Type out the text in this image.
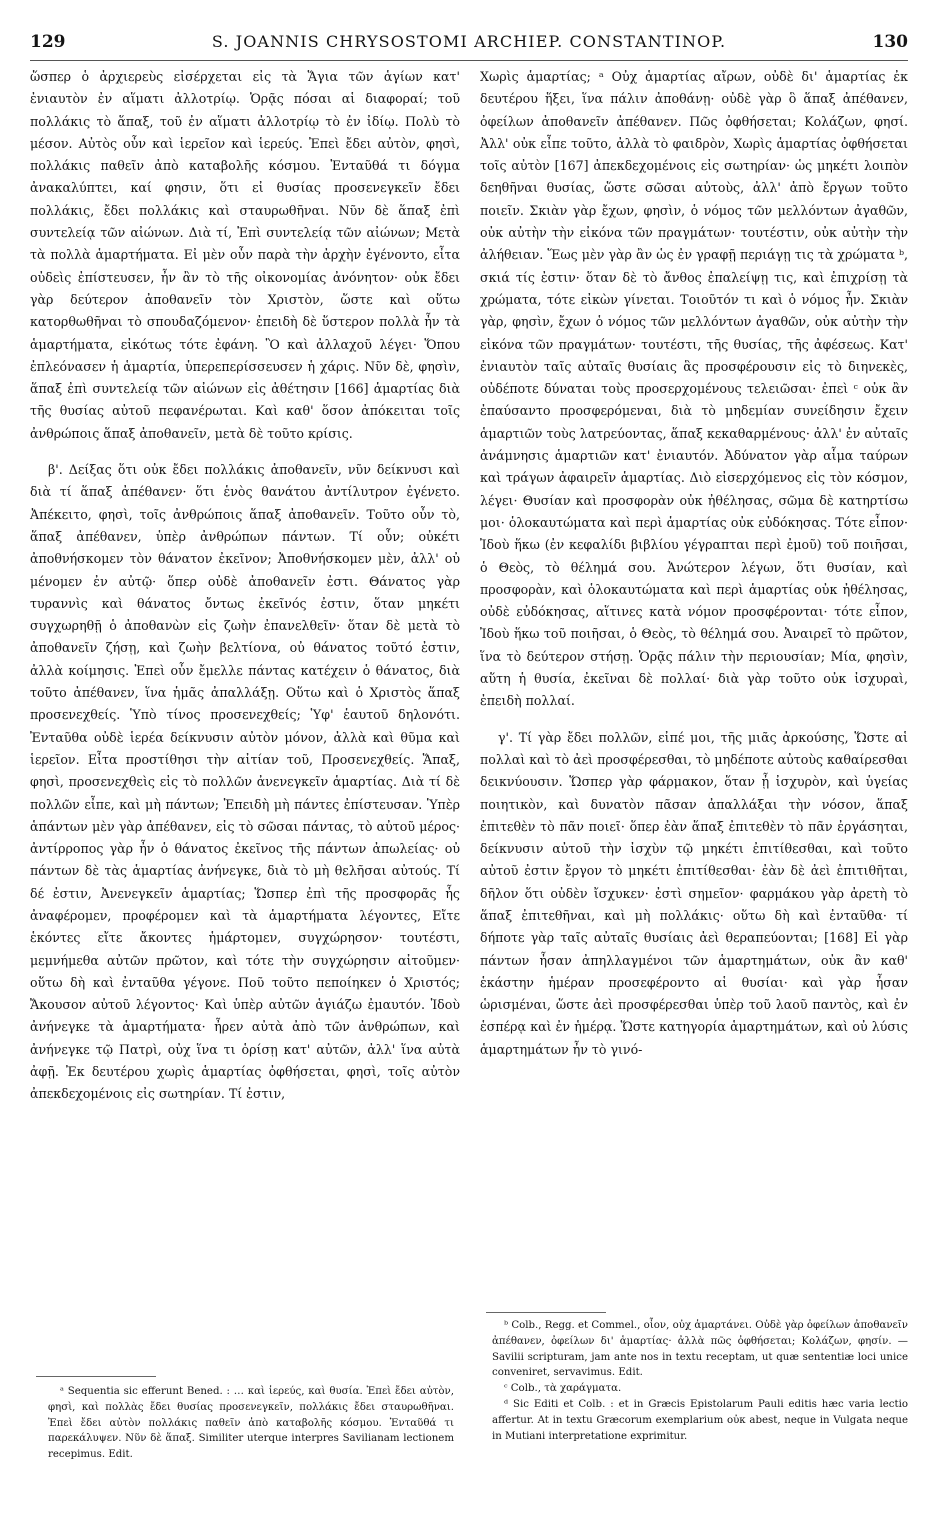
129	S. JOANNIS CHRYSOSTOMI ARCHIEP. CONSTANTINOP.	130

ὥσπερ ὁ ἀρχιερεὺς εἰσέρχεται εἰς τὰ Ἅγια τῶν ἁγίων κατ' ἐνιαυτὸν ἐν αἵματι ἀλλοτρίῳ. Ὁρᾷς πόσαι αἱ διαφοραί; τοῦ πολλάκις τὸ ἅπαξ, τοῦ ἐν αἵματι ἀλλοτρίῳ τὸ ἐν ἰδίῳ. Πολὺ τὸ μέσον. Αὐτὸς οὖν καὶ ἱερεῖον καὶ ἱερεύς. Ἐπεὶ ἔδει αὐτὸν, φησὶ, πολλάκις παθεῖν ἀπὸ καταβολῆς κόσμου. Ἐνταῦθά τι δόγμα ἀνακαλύπτει, καί φησιν, ὅτι εἰ θυσίας προσενεγκεῖν ἔδει πολλάκις, ἔδει πολλάκις καὶ σταυρωθῆναι. Νῦν δὲ ἅπαξ ἐπὶ συντελείᾳ τῶν αἰώνων. Διὰ τί, Ἐπὶ συντελείᾳ τῶν αἰώνων; Μετὰ τὰ πολλὰ ἁμαρτήματα. Εἰ μὲν οὖν παρὰ τὴν ἀρχὴν ἐγένοντο, εἶτα οὐδεὶς ἐπίστευσεν, ἦν ἂν τὸ τῆς οἰκονομίας ἀνόνητον· οὐκ ἔδει γὰρ δεύτερον ἀποθανεῖν τὸν Χριστὸν, ὥστε καὶ οὕτω κατορθωθῆναι τὸ σπουδαζόμενον· ἐπειδὴ δὲ ὕστερον πολλὰ ἦν τὰ ἁμαρτήματα, εἰκότως τότε ἐφάνη. Ὃ καὶ ἀλλαχοῦ λέγει· Ὅπου ἐπλεόνασεν ἡ ἁμαρτία, ὑπερεπερίσσευσεν ἡ χάρις. Νῦν δὲ, φησὶν, ἅπαξ ἐπὶ συντελείᾳ τῶν αἰώνων εἰς ἀθέτησιν [166] ἁμαρτίας διὰ τῆς θυσίας αὐτοῦ πεφανέρωται. Καὶ καθ' ὅσον ἀπόκειται τοῖς ἀνθρώποις ἅπαξ ἀποθανεῖν, μετὰ δὲ τοῦτο κρίσις.

β'. Δείξας ὅτι οὐκ ἔδει πολλάκις ἀποθανεῖν, νῦν δείκνυσι καὶ διὰ τί ἅπαξ ἀπέθανεν· ὅτι ἑνὸς θανάτου ἀντίλυτρον ἐγένετο. Ἀπέκειτο, φησὶ, τοῖς ἀνθρώποις ἅπαξ ἀποθανεῖν. Τοῦτο οὖν τὸ, ἅπαξ ἀπέθανεν, ὑπὲρ ἀνθρώπων πάντων. Τί οὖν; οὐκέτι ἀποθνήσκομεν τὸν θάνατον ἐκεῖνον; Ἀποθνήσκομεν μὲν, ἀλλ' οὐ μένομεν ἐν αὐτῷ· ὅπερ οὐδὲ ἀποθανεῖν ἐστι. Θάνατος γὰρ τυραννὶς καὶ θάνατος ὄντως ἐκεῖνός ἐστιν, ὅταν μηκέτι συγχωρηθῇ ὁ ἀποθανὼν εἰς ζωὴν ἐπανελθεῖν· ὅταν δὲ μετὰ τὸ ἀποθανεῖν ζήσῃ, καὶ ζωὴν βελτίονα, οὐ θάνατος τοῦτό ἐστιν, ἀλλὰ κοίμησις. Ἐπεὶ οὖν ἔμελλε πάντας κατέχειν ὁ θάνατος, διὰ τοῦτο ἀπέθανεν, ἵνα ἡμᾶς ἀπαλλάξῃ. Οὕτω καὶ ὁ Χριστὸς ἅπαξ προσενεχθείς. Ὑπὸ τίνος προσενεχθείς; Ὑφ' ἑαυτοῦ δηλονότι. Ἐνταῦθα οὐδὲ ἱερέα δείκνυσιν αὐτὸν μόνον, ἀλλὰ καὶ θῦμα καὶ ἱερεῖον. Εἶτα προστίθησι τὴν αἰτίαν τοῦ, Προσενεχθείς. Ἅπαξ, φησὶ, προσενεχθεὶς εἰς τὸ πολλῶν ἀνενεγκεῖν ἁμαρτίας. Διὰ τί δὲ πολλῶν εἶπε, καὶ μὴ πάντων; Ἐπειδὴ μὴ πάντες ἐπίστευσαν. Ὑπὲρ ἁπάντων μὲν γὰρ ἀπέθανεν, εἰς τὸ σῶσαι πάντας, τὸ αὐτοῦ μέρος· ἀντίρροπος γὰρ ἦν ὁ θάνατος ἐκεῖνος τῆς πάντων ἀπωλείας· οὐ πάντων δὲ τὰς ἁμαρτίας ἀνήνεγκε, διὰ τὸ μὴ θελῆσαι αὐτούς. Τί δέ ἐστιν, Ἀνενεγκεῖν ἁμαρτίας; Ὥσπερ ἐπὶ τῆς προσφορᾶς ἧς ἀναφέρομεν, προφέρομεν καὶ τὰ ἁμαρτήματα λέγοντες, Εἴτε ἑκόντες εἴτε ἄκοντες ἡμάρτομεν, συγχώρησον· τουτέστι, μεμνήμεθα αὐτῶν πρῶτον, καὶ τότε τὴν συγχώρησιν αἰτοῦμεν· οὕτω δὴ καὶ ἐνταῦθα γέγονε. Ποῦ τοῦτο πεποίηκεν ὁ Χριστός; Ἄκουσον αὐτοῦ λέγοντος· Καὶ ὑπὲρ αὐτῶν ἁγιάζω ἐμαυτόν. Ἰδοὺ ἀνήνεγκε τὰ ἁμαρτήματα· ἦρεν αὐτὰ ἀπὸ τῶν ἀνθρώπων, καὶ ἀνήνεγκε τῷ Πατρὶ, οὐχ ἵνα τι ὁρίσῃ κατ' αὐτῶν, ἀλλ' ἵνα αὐτὰ ἀφῇ. Ἐκ δευτέρου χωρὶς ἁμαρτίας ὀφθήσεται, φησὶ, τοῖς αὐτὸν ἀπεκδεχομένοις εἰς σωτηρίαν. Τί ἐστιν,

Χωρὶς ἁμαρτίας; ᵃ Οὐχ ἁμαρτίας αἴρων, οὐδὲ δι' ἁμαρτίας ἐκ δευτέρου ἥξει, ἵνα πάλιν ἀποθάνῃ· οὐδὲ γὰρ ὃ ἅπαξ ἀπέθανεν, ὀφείλων ἀποθανεῖν ἀπέθανεν. Πῶς ὀφθήσεται; Κολάζων, φησί. Ἀλλ' οὐκ εἶπε τοῦτο, ἀλλὰ τὸ φαιδρὸν, Χωρὶς ἁμαρτίας ὀφθήσεται τοῖς αὐτὸν [167] ἀπεκδεχομένοις εἰς σωτηρίαν· ὡς μηκέτι λοιπὸν δεηθῆναι θυσίας, ὥστε σῶσαι αὐτοὺς, ἀλλ' ἀπὸ ἔργων τοῦτο ποιεῖν. Σκιὰν γὰρ ἔχων, φησὶν, ὁ νόμος τῶν μελλόντων ἀγαθῶν, οὐκ αὐτὴν τὴν εἰκόνα τῶν πραγμάτων· τουτέστιν, οὐκ αὐτὴν τὴν ἀλήθειαν. Ἕως μὲν γὰρ ἂν ὡς ἐν γραφῇ περιάγῃ τις τὰ χρώματα ᵇ, σκιά τίς ἐστιν· ὅταν δὲ τὸ ἄνθος ἐπαλείψῃ τις, καὶ ἐπιχρίσῃ τὰ χρώματα, τότε εἰκὼν γίνεται. Τοιοῦτόν τι καὶ ὁ νόμος ἦν. Σκιὰν γὰρ, φησὶν, ἔχων ὁ νόμος τῶν μελλόντων ἀγαθῶν, οὐκ αὐτὴν τὴν εἰκόνα τῶν πραγμάτων· τουτέστι, τῆς θυσίας, τῆς ἀφέσεως. Κατ' ἐνιαυτὸν ταῖς αὐταῖς θυσίαις ἃς προσφέρουσιν εἰς τὸ διηνεκὲς, οὐδέποτε δύναται τοὺς προσερχομένους τελειῶσαι· ἐπεὶ ᶜ οὐκ ἂν ἐπαύσαντο προσφερόμεναι, διὰ τὸ μηδεμίαν συνείδησιν ἔχειν ἁμαρτιῶν τοὺς λατρεύοντας, ἅπαξ κεκαθαρμένους· ἀλλ' ἐν αὐταῖς ἀνάμνησις ἁμαρτιῶν κατ' ἐνιαυτόν. Ἀδύνατον γὰρ αἷμα ταύρων καὶ τράγων ἀφαιρεῖν ἁμαρτίας. Διὸ εἰσερχόμενος εἰς τὸν κόσμον, λέγει· Θυσίαν καὶ προσφορὰν οὐκ ἠθέλησας, σῶμα δὲ κατηρτίσω μοι· ὁλοκαυτώματα καὶ περὶ ἁμαρτίας οὐκ εὐδόκησας. Τότε εἶπον· Ἰδοὺ ἥκω (ἐν κεφαλίδι βιβλίου γέγραπται περὶ ἐμοῦ) τοῦ ποιῆσαι, ὁ Θεὸς, τὸ θέλημά σου. Ἀνώτερον λέγων, ὅτι θυσίαν, καὶ προσφορὰν, καὶ ὁλοκαυτώματα καὶ περὶ ἁμαρτίας οὐκ ἠθέλησας, οὐδὲ εὐδόκησας, αἵτινες κατὰ νόμον προσφέρονται· τότε εἶπον, Ἰδοὺ ἥκω τοῦ ποιῆσαι, ὁ Θεὸς, τὸ θέλημά σου. Ἀναιρεῖ τὸ πρῶτον, ἵνα τὸ δεύτερον στήσῃ. Ὁρᾷς πάλιν τὴν περιουσίαν; Μία, φησὶν, αὕτη ἡ θυσία, ἐκεῖναι δὲ πολλαί· διὰ γὰρ τοῦτο οὐκ ἰσχυραὶ, ἐπειδὴ πολλαί.

γ'. Τί γὰρ ἔδει πολλῶν, εἰπέ μοι, τῆς μιᾶς ἀρκούσης, Ὥστε αἱ πολλαὶ καὶ τὸ ἀεὶ προσφέρεσθαι, τὸ μηδέποτε αὐτοὺς καθαίρεσθαι δεικνύουσιν. Ὥσπερ γὰρ φάρμακον, ὅταν ᾖ ἰσχυρὸν, καὶ ὑγείας ποιητικὸν, καὶ δυνατὸν πᾶσαν ἀπαλλάξαι τὴν νόσον, ἅπαξ ἐπιτεθὲν τὸ πᾶν ποιεῖ· ὅπερ ἐὰν ἅπαξ ἐπιτεθὲν τὸ πᾶν ἐργάσηται, δείκνυσιν αὐτοῦ τὴν ἰσχὺν τῷ μηκέτι ἐπιτίθεσθαι, καὶ τοῦτο αὐτοῦ ἐστιν ἔργον τὸ μηκέτι ἐπιτίθεσθαι· ἐὰν δὲ ἀεὶ ἐπιτιθῆται, δῆλον ὅτι οὐδὲν ἴσχυκεν· ἐστὶ σημεῖον· φαρμάκου γὰρ ἀρετὴ τὸ ἅπαξ ἐπιτεθῆναι, καὶ μὴ πολλάκις· οὕτω δὴ καὶ ἐνταῦθα· τί δήποτε γὰρ ταῖς αὐταῖς θυσίαις ἀεὶ θεραπεύονται; [168] Εἰ γὰρ πάντων ἦσαν ἀπηλλαγμένοι τῶν ἁμαρτημάτων, οὐκ ἂν καθ' ἑκάστην ἡμέραν προσεφέροντο αἱ θυσίαι· καὶ γὰρ ἦσαν ὡρισμέναι, ὥστε ἀεὶ προσφέρεσθαι ὑπὲρ τοῦ λαοῦ παντὸς, καὶ ἐν ἑσπέρᾳ καὶ ἐν ἡμέρᾳ. Ὥστε κατηγορία ἁμαρτημάτων, καὶ οὐ λύσις ἁμαρτημάτων ἦν τὸ γινό-

ᵃ Sequentia sic efferunt Bened. : … καὶ ἱερεύς, καὶ θυσία. Ἐπεὶ ἔδει αὐτὸν, φησὶ, καὶ πολλὰς ἔδει θυσίας προσενεγκεῖν, πολλάκις ἔδει σταυρωθῆναι. Ἐπεὶ ἔδει αὐτὸν πολλάκις παθεῖν ἀπὸ καταβολῆς κόσμου. Ἐνταῦθά τι παρεκάλυψεν. Νῦν δὲ ἅπαξ. Similiter uterque interpres Savilianam lectionem recepimus. Edit.

ᵇ Colb., Regg. et Commel., οἷον, οὐχ ἁμαρτάνει. Οὐδὲ γὰρ ὀφείλων ἀποθανεῖν ἀπέθανεν, ὀφείλων δι' ἁμαρτίας· ἀλλὰ πῶς ὀφθήσεται; Κολάζων, φησίν. — Savilii scripturam, jam ante nos in textu receptam, ut quæ sententiæ loci unice conveniret, servavimus. Edit.

ᶜ Colb., τὰ χαράγματα.

ᵈ Sic Editi et Colb. : et in Græcis Epistolarum Pauli editis hæc varia lectio affertur. At in textu Græcorum exemplarium οὐκ abest, neque in Vulgata neque in Mutiani interpretatione exprimitur.
